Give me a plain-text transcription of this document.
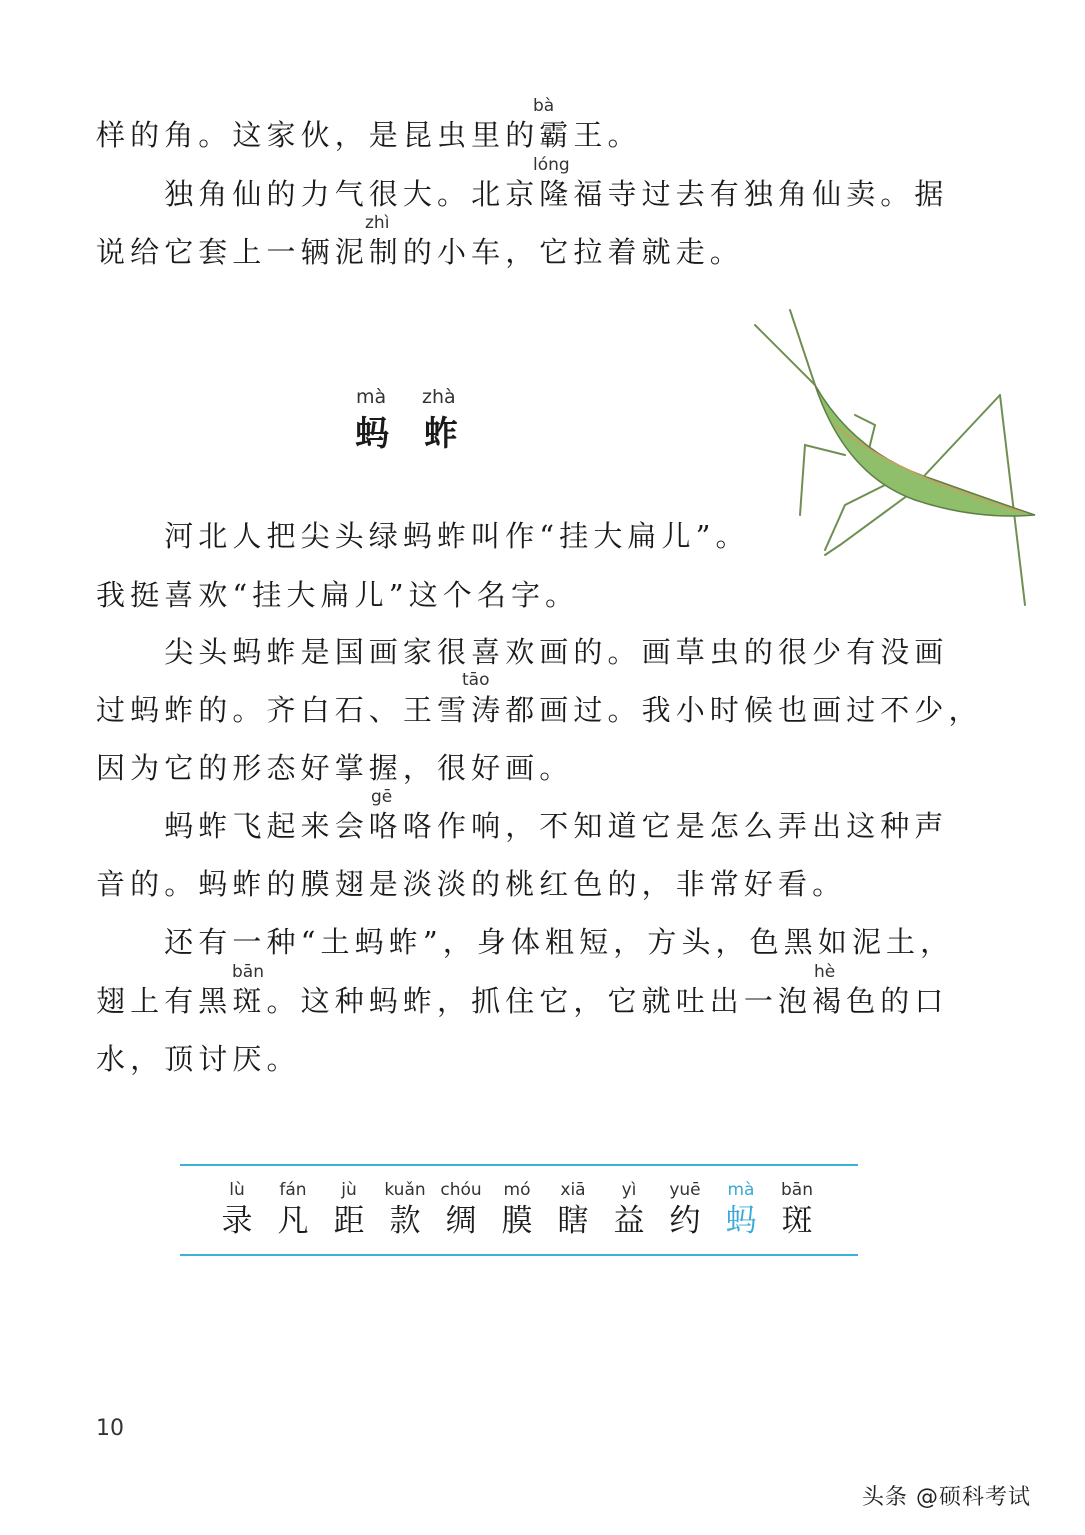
bà
样的角。这家伙，是昆虫里的霸王。
lóng
　　独角仙的力气很大。北京隆福寺过去有独角仙卖。据
zhì
说给它套上一辆泥制的小车，它拉着就走。
mà zhà
蚂 蚱
　　河北人把尖头绿蚂蚱叫作“挂大扁儿”。
我挺喜欢“挂大扁儿”这个名字。
　　尖头蚂蚱是国画家很喜欢画的。画草虫的很少有没画
tāo
过蚂蚱的。齐白石、王雪涛都画过。我小时候也画过不少，
因为它的形态好掌握，很好画。
gē
　　蚂蚱飞起来会咯咯作响，不知道它是怎么弄出这种声
音的。蚂蚱的膜翅是淡淡的桃红色的，非常好看。
　　还有一种“土蚂蚱”，身体粗短，方头，色黑如泥土，
bān	hè
翅上有黑斑。这种蚂蚱，抓住它，它就吐出一泡褐色的口
水，顶讨厌。
lù
录
fán
凡
jù
距
kuǎn
款
chóu
绸
mó
膜
xiā
瞎
yì
益
yuē
约
mà
蚂
bān
斑
10
头条 @硕科考试
